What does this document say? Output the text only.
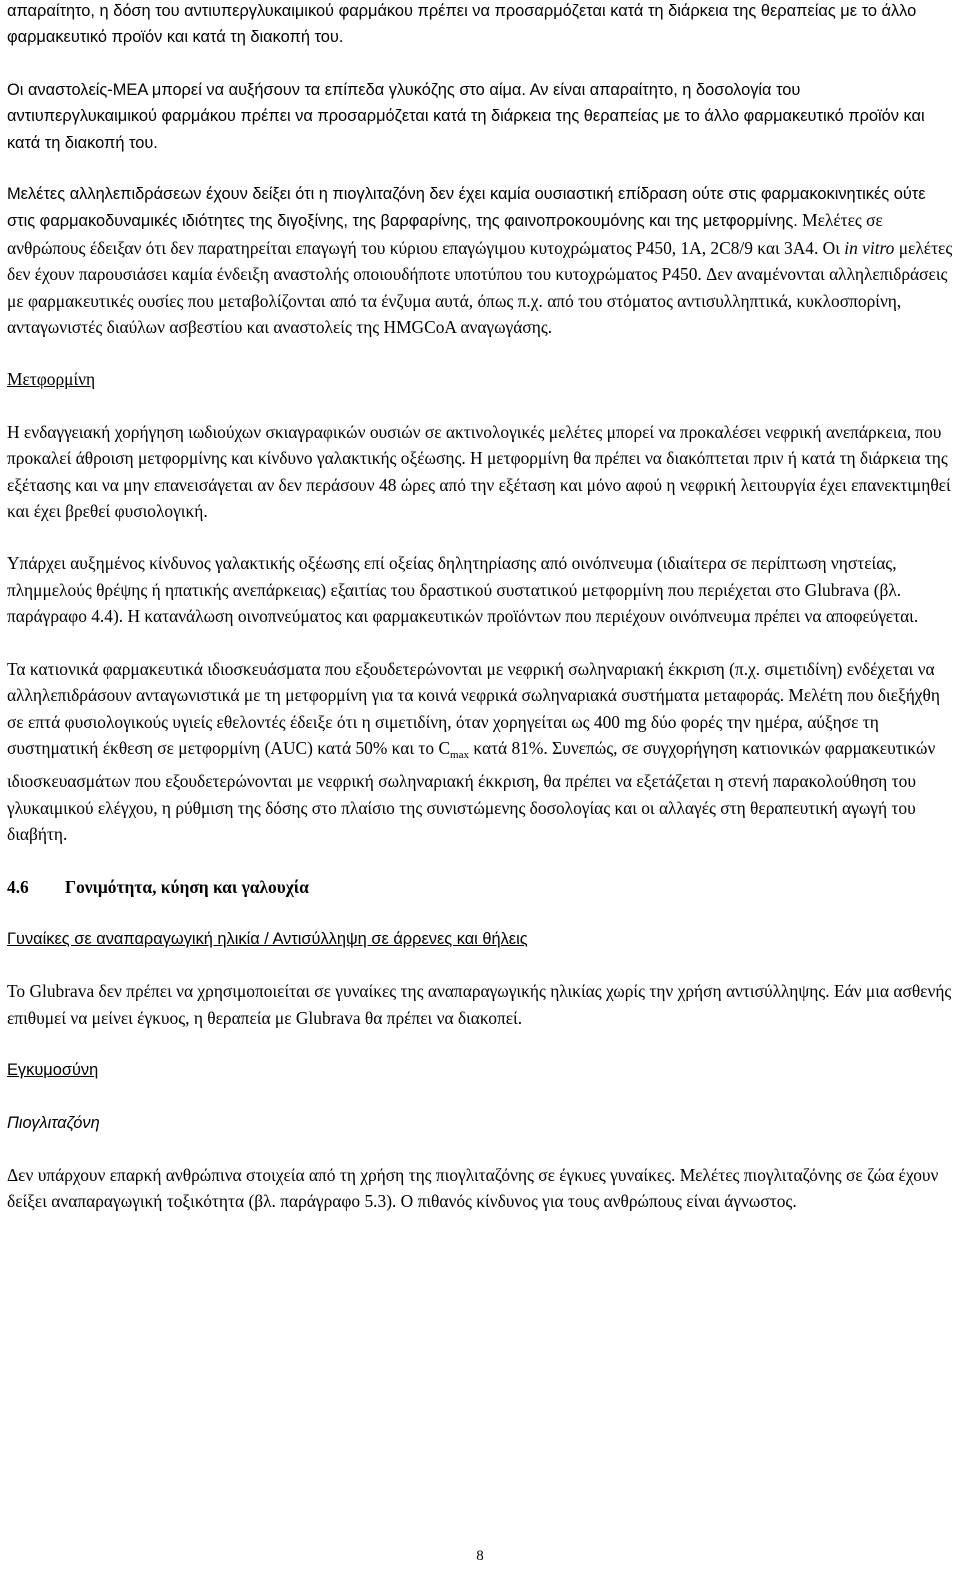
απαραίτητο, η δόση του αντιυπεργλυκαιμικού φαρμάκου πρέπει να προσαρμόζεται κατά τη διάρκεια της θεραπείας με το άλλο φαρμακευτικό προϊόν και κατά τη διακοπή του.

Οι αναστολείς-ΜΕΑ μπορεί να αυξήσουν τα επίπεδα γλυκόζης στο αίμα. Αν είναι απαραίτητο, η δοσολογία του αντιυπεργλυκαιμικού φαρμάκου πρέπει να προσαρμόζεται κατά τη διάρκεια της θεραπείας με το άλλο φαρμακευτικό προϊόν και κατά τη διακοπή του.

Μελέτες αλληλεπιδράσεων έχουν δείξει ότι η πιογλιταζόνη δεν έχει καμία ουσιαστική επίδραση ούτε στις φαρμακοκινητικές ούτε στις φαρμακοδυναμικές ιδιότητες της διγοξίνης, της βαρφαρίνης, της φαινοπροκουμόνης και της μετφορμίνης. Μελέτες σε ανθρώπους έδειξαν ότι δεν παρατηρείται επαγωγή του κύριου επαγώγιμου κυτοχρώματος P450, 1A, 2C8/9 και 3A4. Οι in vitro μελέτες δεν έχουν παρουσιάσει καμία ένδειξη αναστολής οποιουδήποτε υποτύπου του κυτοχρώματος P450. Δεν αναμένονται αλληλεπιδράσεις με φαρμακευτικές ουσίες που μεταβολίζονται από τα ένζυμα αυτά, όπως π.χ. από του στόματος αντισυλληπτικά, κυκλοσπορίνη, ανταγωνιστές διαύλων ασβεστίου και αναστολείς της HMGCoA αναγωγάσης.

Μετφορμίνη

Η ενδαγγειακή χορήγηση ιωδιούχων σκιαγραφικών ουσιών σε ακτινολογικές μελέτες μπορεί να προκαλέσει νεφρική ανεπάρκεια, που προκαλεί άθροιση μετφορμίνης και κίνδυνο γαλακτικής οξέωσης. Η μετφορμίνη θα πρέπει να διακόπτεται πριν ή κατά τη διάρκεια της εξέτασης και να μην επανεισάγεται αν δεν περάσουν 48 ώρες από την εξέταση και μόνο αφού η νεφρική λειτουργία έχει επανεκτιμηθεί και έχει βρεθεί φυσιολογική.

Υπάρχει αυξημένος κίνδυνος γαλακτικής οξέωσης επί οξείας δηλητηρίασης από οινόπνευμα (ιδιαίτερα σε περίπτωση νηστείας, πλημμελούς θρέψης ή ηπατικής ανεπάρκειας) εξαιτίας του δραστικού συστατικού μετφορμίνη που περιέχεται στο Glubrava (βλ. παράγραφο 4.4). Η κατανάλωση οινοπνεύματος και φαρμακευτικών προϊόντων που περιέχουν οινόπνευμα πρέπει να αποφεύγεται.

Τα κατιονικά φαρμακευτικά ιδιοσκευάσματα που εξουδετερώνονται με νεφρική σωληναριακή έκκριση (π.χ. σιμετιδίνη) ενδέχεται να αλληλεπιδράσουν ανταγωνιστικά με τη μετφορμίνη για τα κοινά νεφρικά σωληναριακά συστήματα μεταφοράς. Μελέτη που διεξήχθη σε επτά φυσιολογικούς υγιείς εθελοντές έδειξε ότι η σιμετιδίνη, όταν χορηγείται ως 400 mg δύο φορές την ημέρα, αύξησε τη συστηματική έκθεση σε μετφορμίνη (AUC) κατά 50% και το $C_{max}$ κατά 81%. Συνεπώς, σε συγχορήγηση κατιονικών φαρμακευτικών ιδιοσκευασμάτων που εξουδετερώνονται με νεφρική σωληναριακή έκκριση, θα πρέπει να εξετάζεται η στενή παρακολούθηση του γλυκαιμικού ελέγχου, η ρύθμιση της δόσης στο πλαίσιο της συνιστώμενης δοσολογίας και οι αλλαγές στη θεραπευτική αγωγή του διαβήτη.

4.6 Γονιμότητα, κύηση και γαλουχία

Γυναίκες σε αναπαραγωγική ηλικία / Αντισύλληψη σε άρρενες και θήλεις

Το Glubrava δεν πρέπει να χρησιμοποιείται σε γυναίκες της αναπαραγωγικής ηλικίας χωρίς την χρήση αντισύλληψης. Εάν μια ασθενής επιθυμεί να μείνει έγκυος, η θεραπεία με Glubrava θα πρέπει να διακοπεί.

Εγκυμοσύνη

Πιογλιταζόνη

Δεν υπάρχουν επαρκή ανθρώπινα στοιχεία από τη χρήση της πιογλιταζόνης σε έγκυες γυναίκες. Μελέτες πιογλιταζόνης σε ζώα έχουν δείξει αναπαραγωγική τοξικότητα (βλ. παράγραφο 5.3). Ο πιθανός κίνδυνος για τους ανθρώπους είναι άγνωστος.

8
